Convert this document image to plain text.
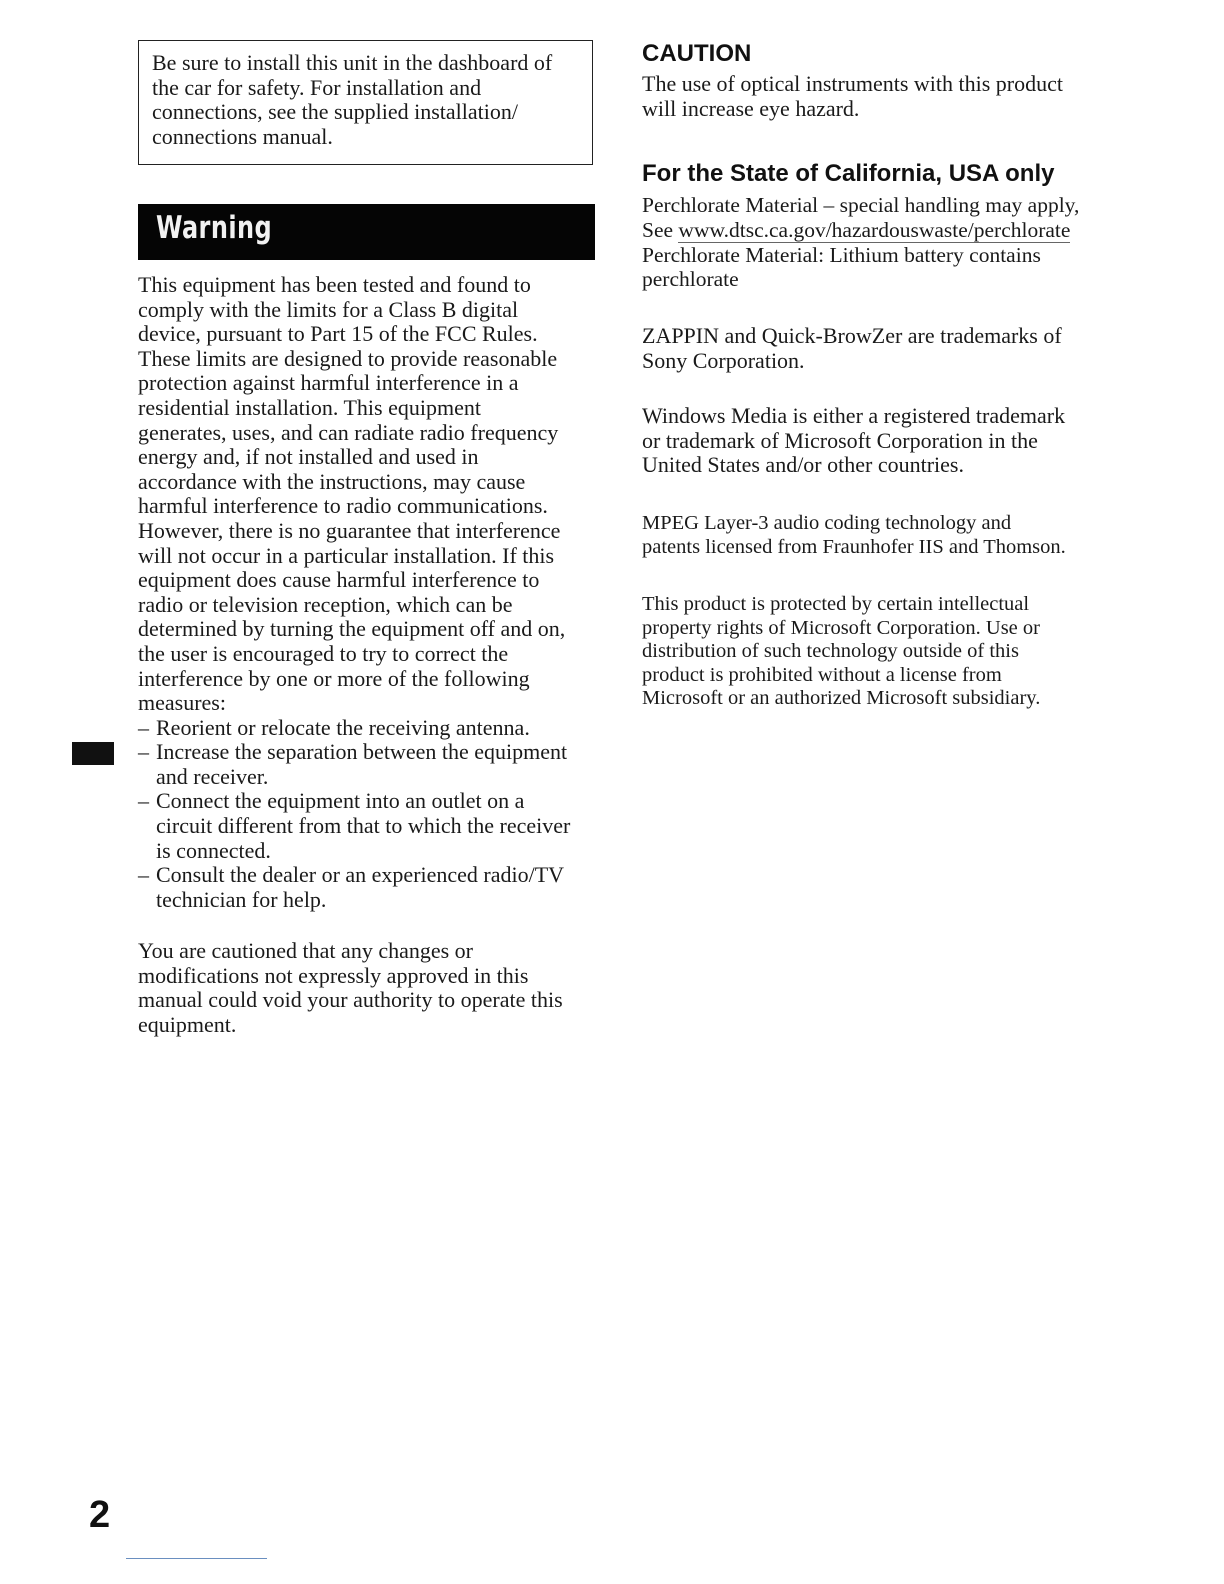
Be sure to install this unit in the dashboard of

the car for safety. For installation and

connections, see the supplied installation/

connections manual.

Warning

This equipment has been tested and found to

comply with the limits for a Class B digital

device, pursuant to Part 15 of the FCC Rules.

These limits are designed to provide reasonable

protection against harmful interference in a

residential installation. This equipment

generates, uses, and can radiate radio frequency

energy and, if not installed and used in

accordance with the instructions, may cause

harmful interference to radio communications.

However, there is no guarantee that interference

will not occur in a particular installation. If this

equipment does cause harmful interference to

radio or television reception, which can be

determined by turning the equipment off and on,

the user is encouraged to try to correct the

interference by one or more of the following

measures:

– Reorient or relocate the receiving antenna.
– Increase the separation between the equipment
and receiver.
– Connect the equipment into an outlet on a
circuit different from that to which the receiver
is connected.
– Consult the dealer or an experienced radio/TV
technician for help.
You are cautioned that any changes or
modifications not expressly approved in this
manual could void your authority to operate this
equipment.
2
CAUTION
The use of optical instruments with this product
will increase eye hazard.
For the State of California, USA only

Perchlorate Material – special handling may apply,

See www.dtsc.ca.gov/hazardouswaste/perchlorate

Perchlorate Material: Lithium battery contains

perchlorate

ZAPPIN and Quick-BrowZer are trademarks of
Sony Corporation.
Windows Media is either a registered trademark
or trademark of Microsoft Corporation in the
United States and/or other countries.
MPEG Layer-3 audio coding technology and
patents licensed from Fraunhofer IIS and Thomson.
This product is protected by certain intellectual
property rights of Microsoft Corporation. Use or
distribution of such technology outside of this
product is prohibited without a license from
Microsoft or an authorized Microsoft subsidiary.
